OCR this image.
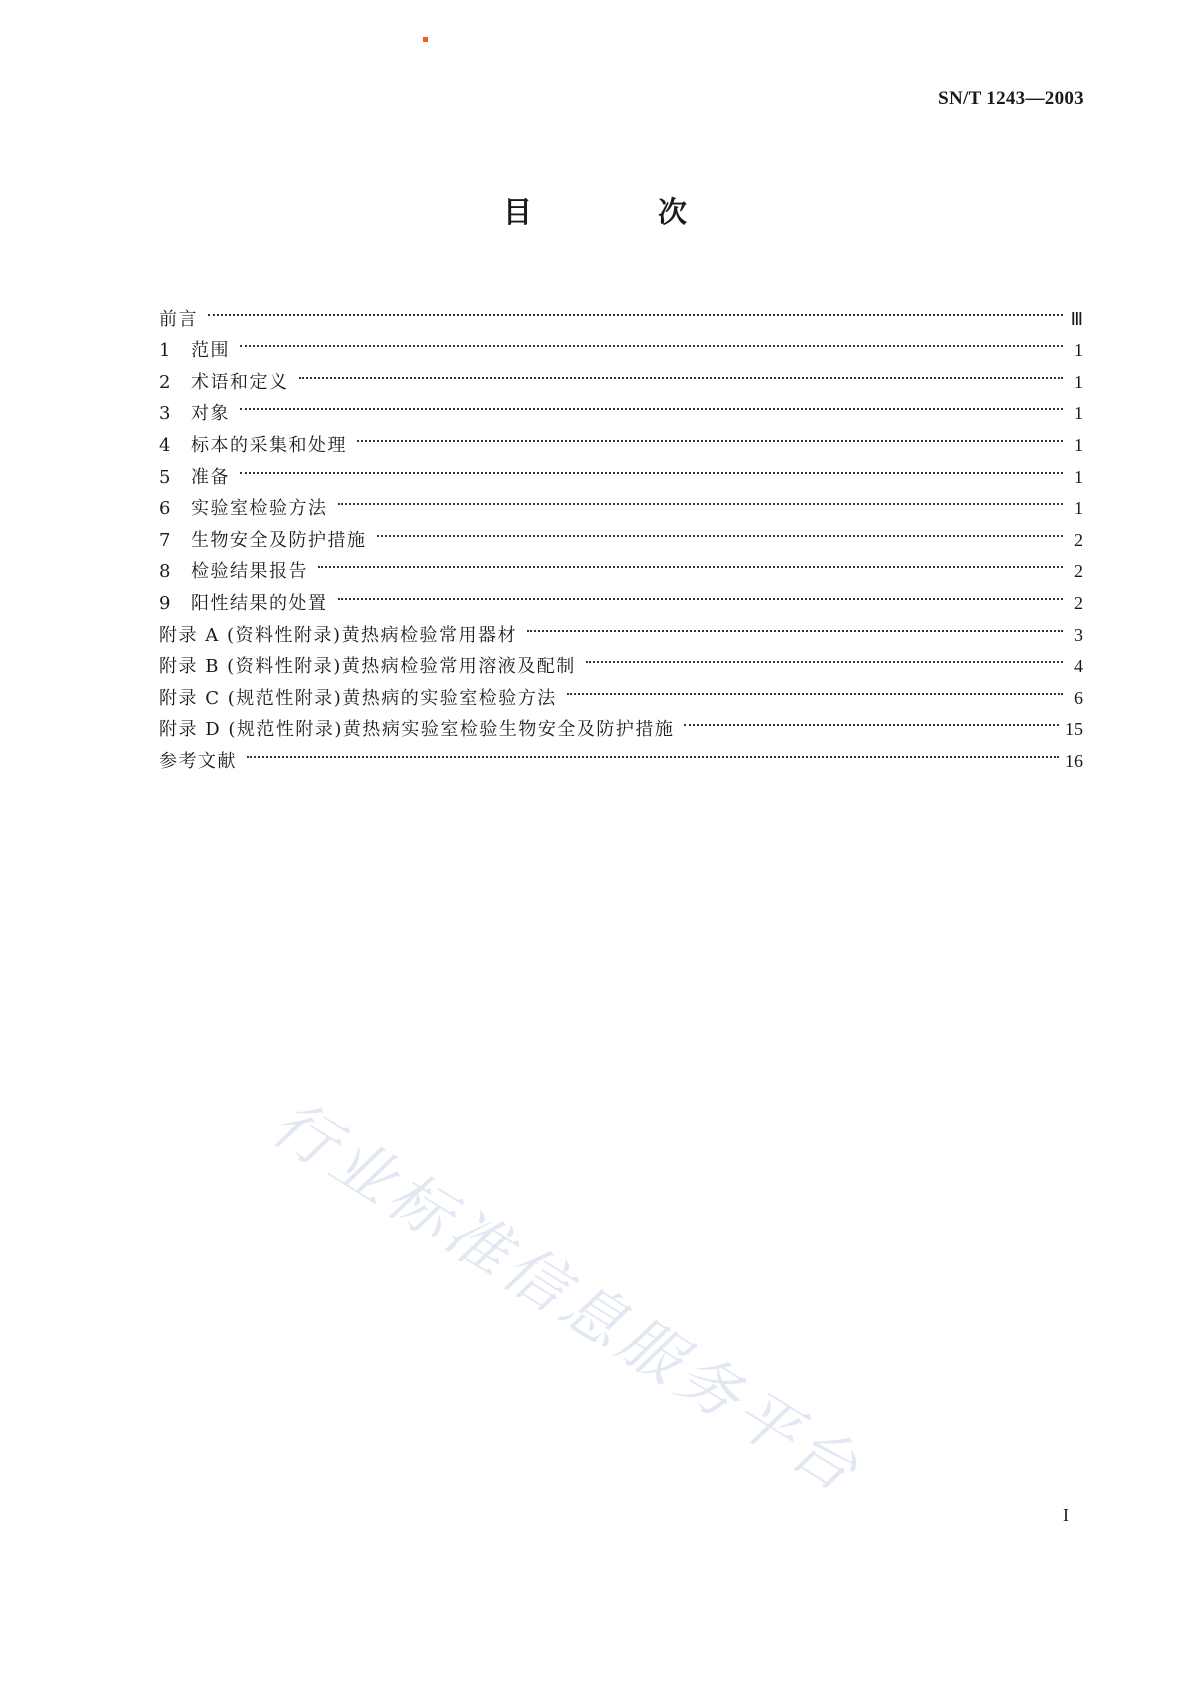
SN/T 1243—2003
目 次
前言	Ⅲ
1	范围	1
2	术语和定义	1
3	对象	1
4	标本的采集和处理	1
5	准备	1
6	实验室检验方法	1
7	生物安全及防护措施	2
8	检验结果报告	2
9	阳性结果的处置	2
附录 A (资料性附录)黄热病检验常用器材	3
附录 B (资料性附录)黄热病检验常用溶液及配制	4
附录 C (规范性附录)黄热病的实验室检验方法	6
附录 D (规范性附录)黄热病实验室检验生物安全及防护措施	15
参考文献	16
行业标准信息服务平台
I
